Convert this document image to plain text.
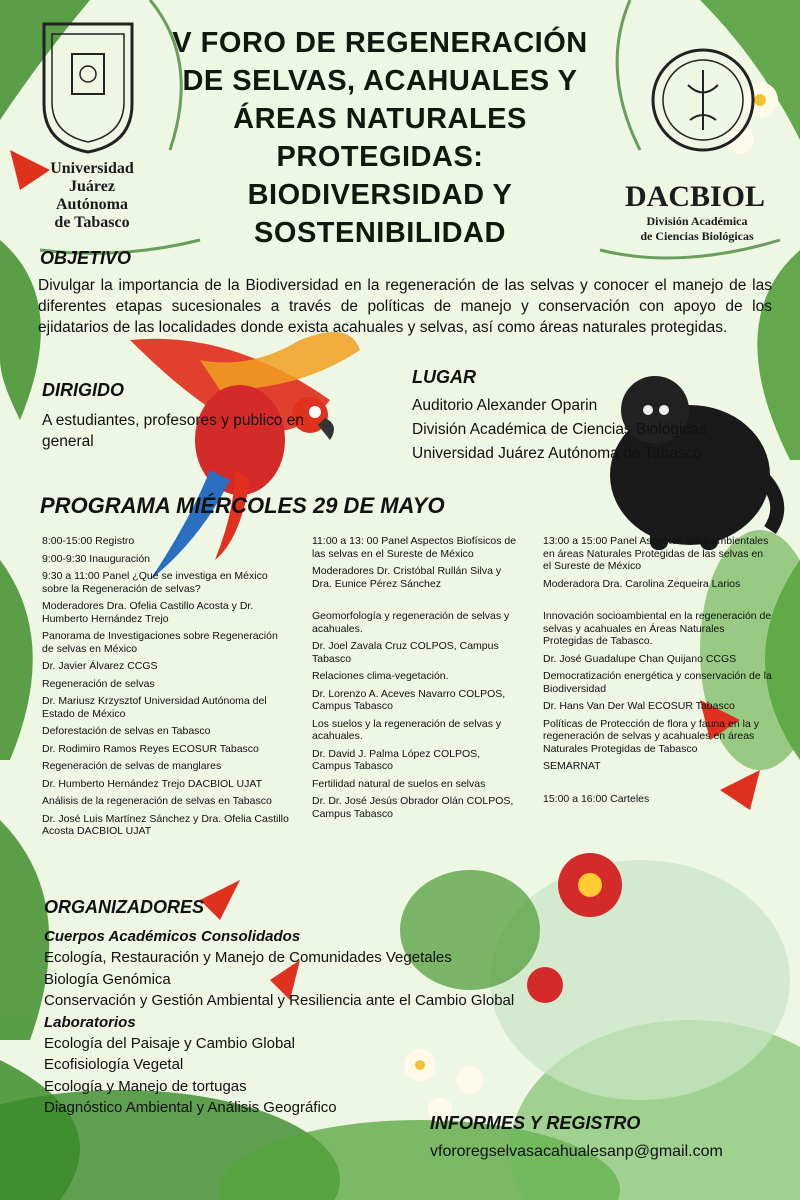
Universidad
Juárez
Autónoma
de Tabasco
DACBIOL
División Académica
de Ciencias Biológicas
V FORO DE REGENERACIÓN
DE SELVAS, ACAHUALES Y
ÁREAS NATURALES
PROTEGIDAS:
BIODIVERSIDAD Y
SOSTENIBILIDAD
OBJETIVO
Divulgar la importancia de la Biodiversidad en la regeneración de las selvas y conocer el manejo de las diferentes etapas sucesionales a través de políticas de manejo y conservación con apoyo de los ejidatarios de las localidades donde exista acahuales y selvas, así como áreas naturales protegidas.
DIRIGIDO
A estudiantes, profesores y publico en general
LUGAR
Auditorio Alexander Oparin
División Académica de Ciencias Biológicas
Universidad Juárez Autónoma de Tabasco
PROGRAMA MIÉRCOLES 29 DE MAYO

8:00-15:00 Registro

9:00-9:30 Inauguración

9:30 a 11:00 Panel ¿Qué se investiga en México sobre la Regeneración de selvas?

Moderadores Dra. Ofelia Castillo Acosta y Dr. Humberto Hernández Trejo

Panorama de Investigaciones sobre Regeneración de selvas en México

Dr. Javier Álvarez CCGS

Regeneración de selvas

Dr. Mariusz Krzysztof Universidad Autónoma del Estado de México

Deforestación de selvas en Tabasco

Dr. Rodimiro Ramos Reyes ECOSUR Tabasco

Regeneración de selvas de manglares

Dr. Humberto Hernández Trejo DACBIOL UJAT

Análisis de la regeneración de selvas en Tabasco

Dr. José Luis Martínez Sánchez y Dra. Ofelia Castillo Acosta DACBIOL UJAT

11:00 a 13: 00 Panel Aspectos Biofísicos de las selvas en el Sureste de México

Moderadores Dr. Cristóbal Rullán Silva y Dra. Eunice Pérez Sánchez

Geomorfología y regeneración de selvas y acahuales.

Dr. Joel Zavala Cruz COLPOS, Campus Tabasco

Relaciones clima-vegetación.

Dr. Lorenzo A. Aceves Navarro COLPOS, Campus Tabasco

Los suelos y la regeneración de selvas y acahuales.

Dr. David J. Palma López COLPOS, Campus Tabasco

Fertilidad natural de suelos en selvas

Dr. Dr. José Jesús Obrador Olán COLPOS, Campus Tabasco

13:00 a 15:00 Panel Aspectos Socioambientales en áreas Naturales Protegidas de las selvas en el Sureste de México

Moderadora Dra. Carolina Zequeira Larios

Innovación socioambiental en la regeneración de selvas y acahuales en Áreas Naturales Protegidas de Tabasco.

Dr. José Guadalupe Chan Quijano CCGS

Democratización energética y conservación de la Biodiversidad

Dr. Hans Van Der Wal ECOSUR Tabasco

Políticas de Protección de flora y fauna en la y regeneración de selvas y acahuales en áreas Naturales Protegidas de Tabasco

SEMARNAT

15:00 a 16:00 Carteles

ORGANIZADORES
Cuerpos Académicos Consolidados
Ecología, Restauración y Manejo de Comunidades Vegetales
Biología Genómica
Conservación y Gestión Ambiental y Resiliencia ante el Cambio Global
Laboratorios
Ecología del Paisaje y Cambio Global
Ecofisiología Vegetal
Ecología y Manejo de tortugas
Diagnóstico Ambiental y Análisis Geográfico
INFORMES Y REGISTRO
vfororegselvasacahualesanp@gmail.com
